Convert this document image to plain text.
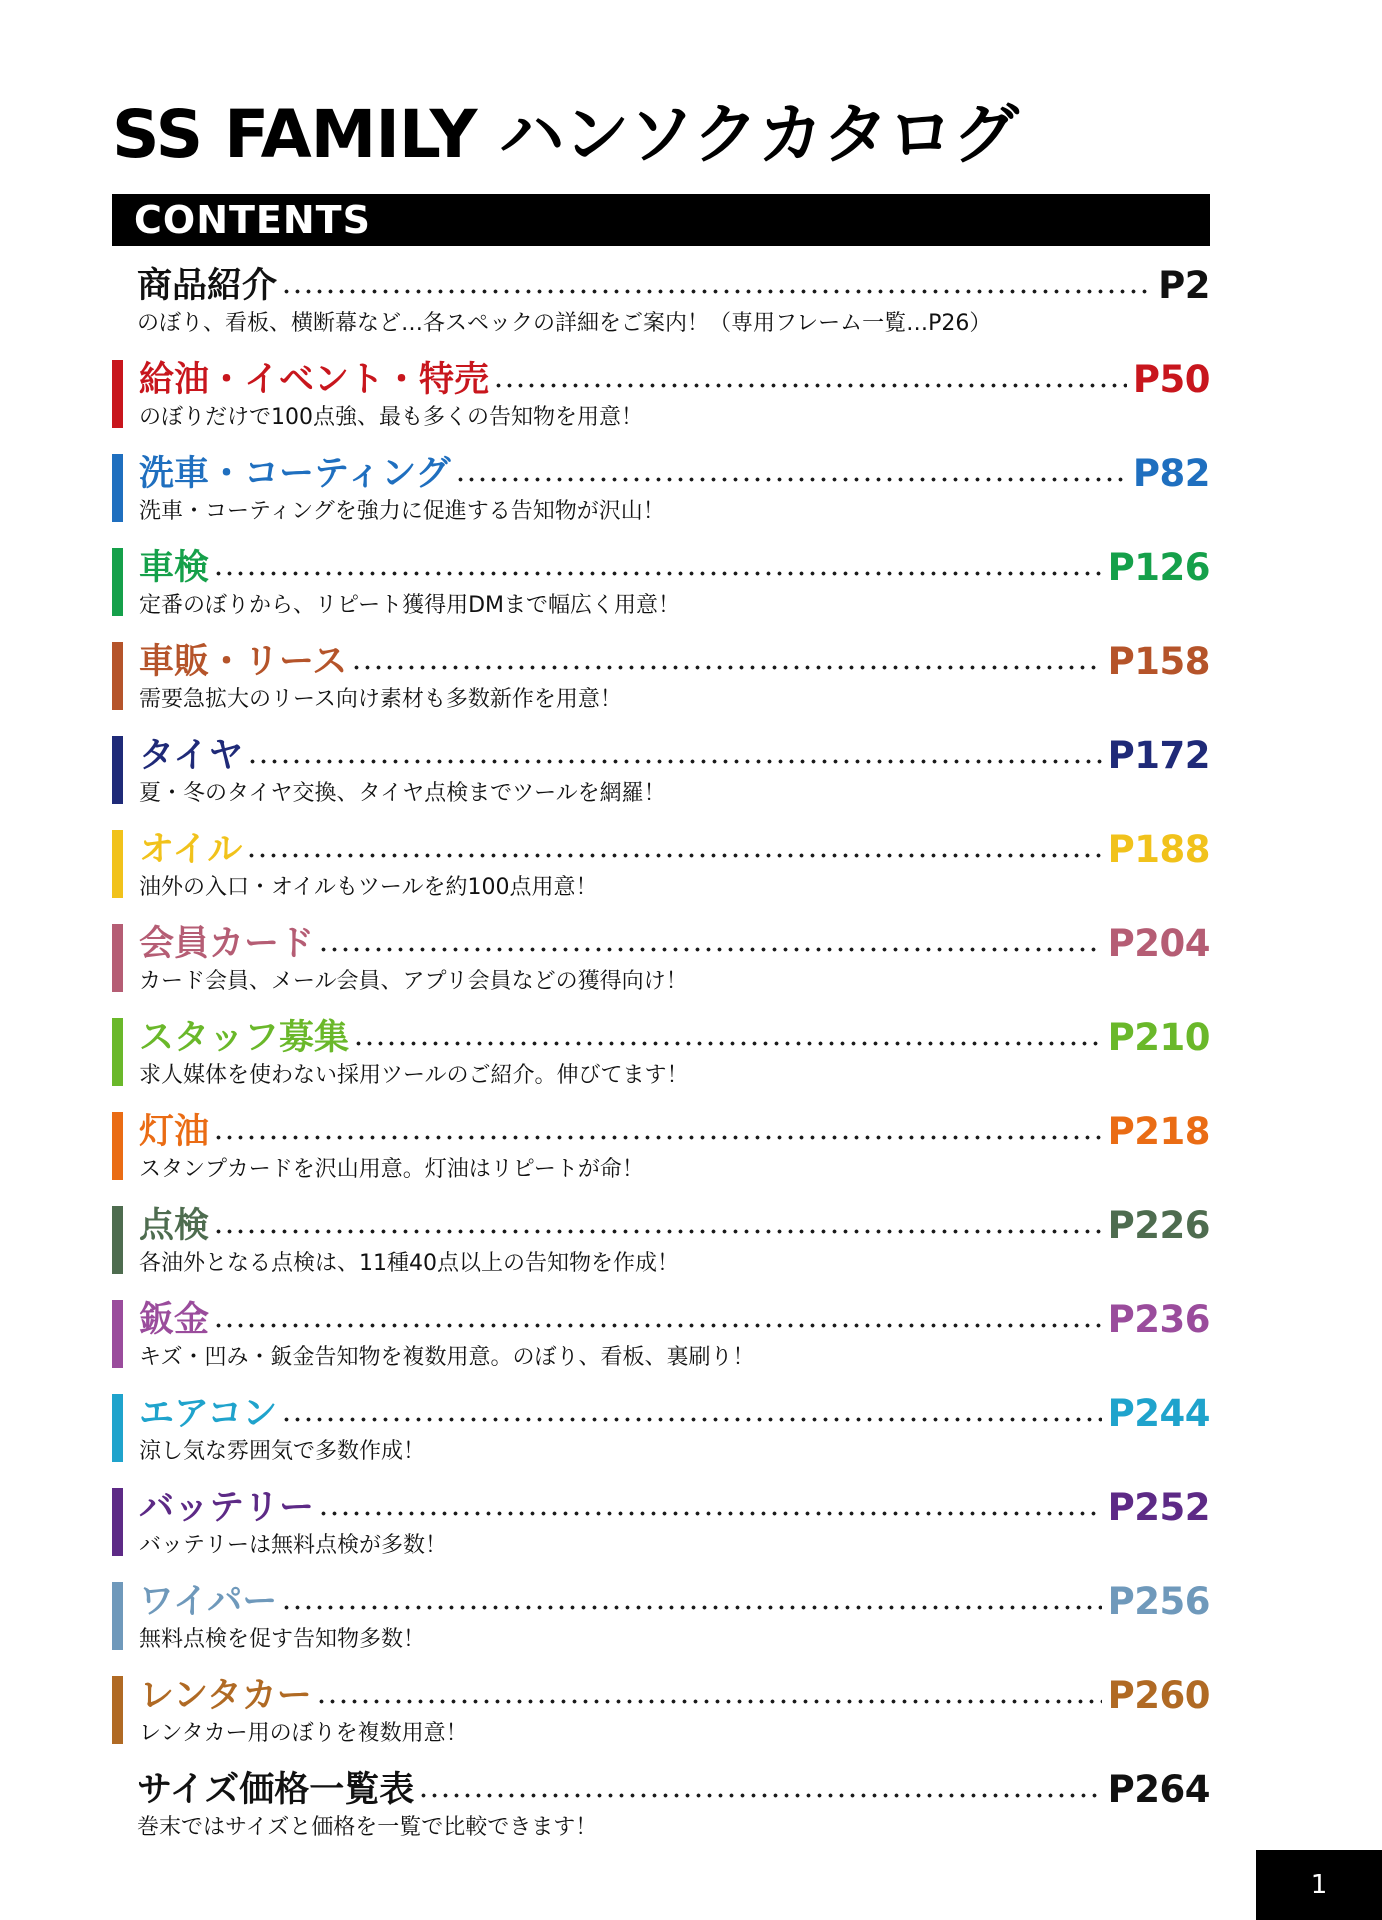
SS FAMILY ハンソクカタログ
CONTENTS
商品紹介	P2
のぼり、看板、横断幕など…各スペックの詳細をご案内！（専用フレーム一覧…P26）
給油・イベント・特売	P50
のぼりだけで100点強、最も多くの告知物を用意！
洗車・コーティング	P82
洗車・コーティングを強力に促進する告知物が沢山！
車検	P126
定番のぼりから、リピート獲得用DMまで幅広く用意！
車販・リース	P158
需要急拡大のリース向け素材も多数新作を用意！
タイヤ	P172
夏・冬のタイヤ交換、タイヤ点検までツールを網羅！
オイル	P188
油外の入口・オイルもツールを約100点用意！
会員カード	P204
カード会員、メール会員、アプリ会員などの獲得向け！
スタッフ募集	P210
求人媒体を使わない採用ツールのご紹介。伸びてます！
灯油	P218
スタンプカードを沢山用意。灯油はリピートが命！
点検	P226
各油外となる点検は、11種40点以上の告知物を作成！
鈑金	P236
キズ・凹み・鈑金告知物を複数用意。のぼり、看板、裏刷り！
エアコン	P244
涼し気な雰囲気で多数作成！
バッテリー	P252
バッテリーは無料点検が多数！
ワイパー	P256
無料点検を促す告知物多数！
レンタカー	P260
レンタカー用のぼりを複数用意！
サイズ価格一覧表	P264
巻末ではサイズと価格を一覧で比較できます！
1
